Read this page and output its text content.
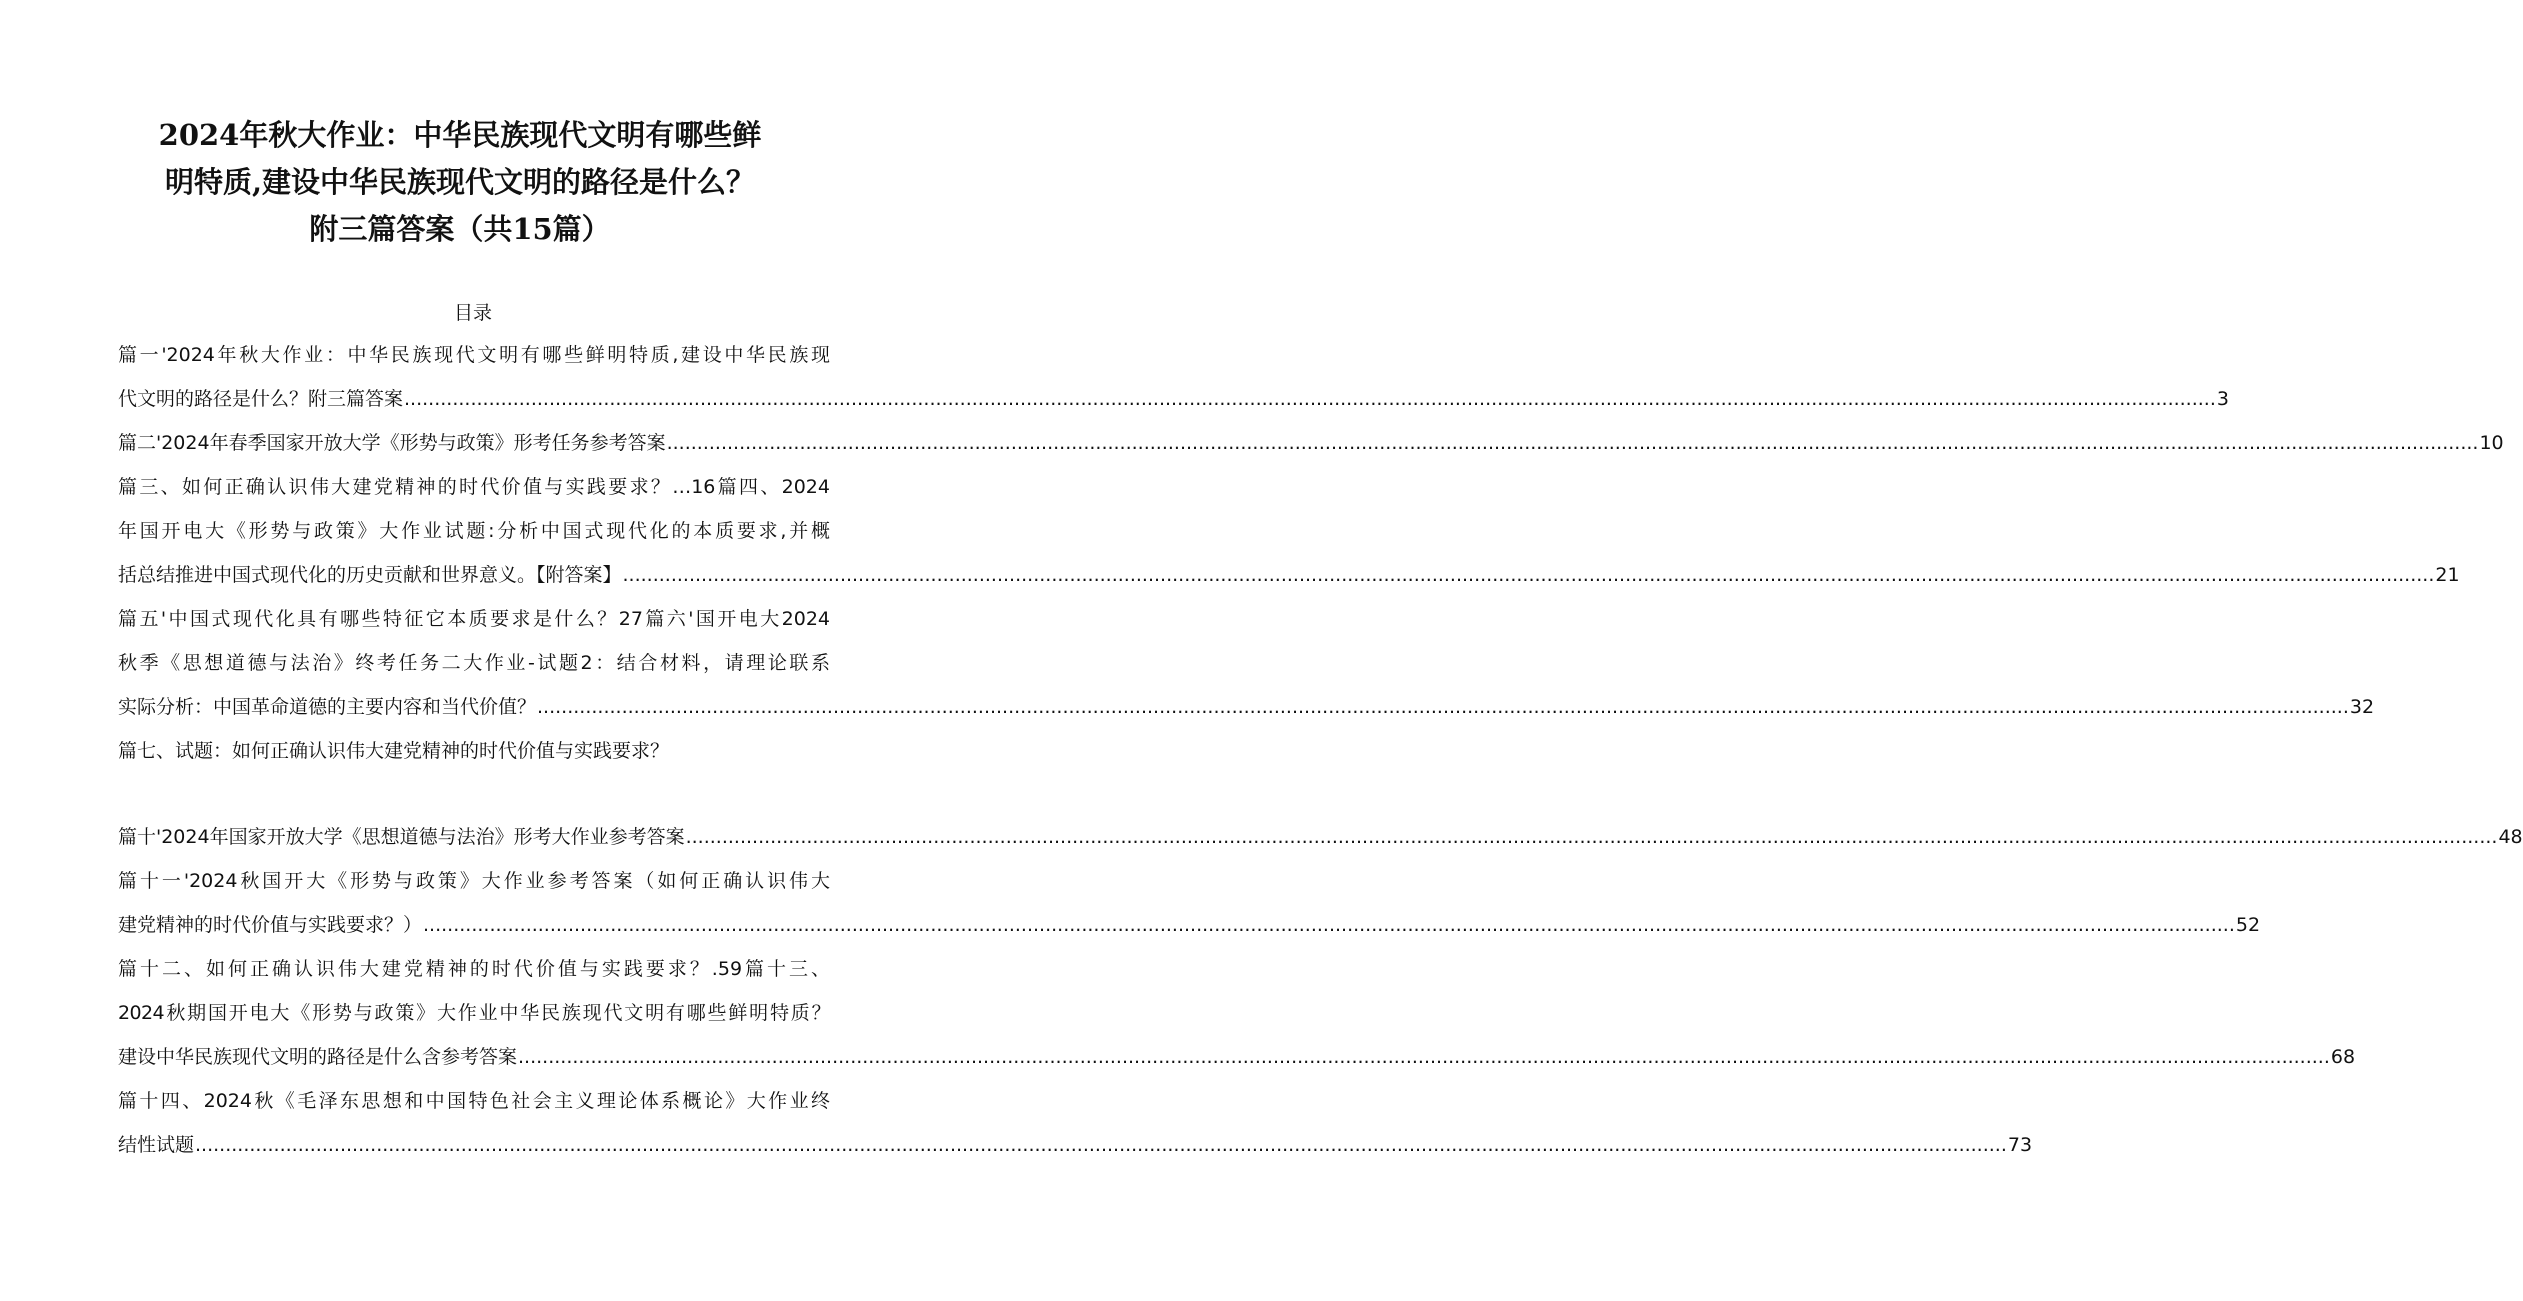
2024年秋大作业：中华民族现代文明有哪些鲜
明特质,建设中华民族现代文明的路径是什么？
附三篇答案（共15篇）
目录
篇一'2024年秋大作业：中华民族现代文明有哪些鲜明特质,建设中华民族现
代文明的路径是什么？附三篇答案 ............................................................................................................................................................................................................................................................................................................ 3
篇二'2024年春季国家开放大学《形势与政策》形考任务参考答案 ............................................................................................................................................................................................................................................................................................................ 10
篇三、如何正确认识伟大建党精神的时代价值与实践要求？…16篇四、2024
年国开电大《形势与政策》大作业试题:分析中国式现代化的本质要求,并概
括总结推进中国式现代化的历史贡献和世界意义。【附答案】 ............................................................................................................................................................................................................................................................................................................ 21
篇五'中国式现代化具有哪些特征它本质要求是什么？27篇六'国开电大2024
秋季《思想道德与法治》终考任务二大作业-试题2：结合材料，请理论联系
实际分析：中国革命道德的主要内容和当代价值？ ............................................................................................................................................................................................................................................................................................................ 32
篇七、试题：如何正确认识伟大建党精神的时代价值与实践要求？
篇十'2024年国家开放大学《思想道德与法治》形考大作业参考答案 ............................................................................................................................................................................................................................................................................................................ 48
篇十一'2024秋国开大《形势与政策》大作业参考答案（如何正确认识伟大
建党精神的时代价值与实践要求？） ............................................................................................................................................................................................................................................................................................................ 52
篇十二、如何正确认识伟大建党精神的时代价值与实践要求？.59篇十三、
2024秋期国开电大《形势与政策》大作业中华民族现代文明有哪些鲜明特质？
建设中华民族现代文明的路径是什么含参考答案 ............................................................................................................................................................................................................................................................................................................ 68
篇十四、2024秋《毛泽东思想和中国特色社会主义理论体系概论》大作业终
结性试题 ............................................................................................................................................................................................................................................................................................................ 73
